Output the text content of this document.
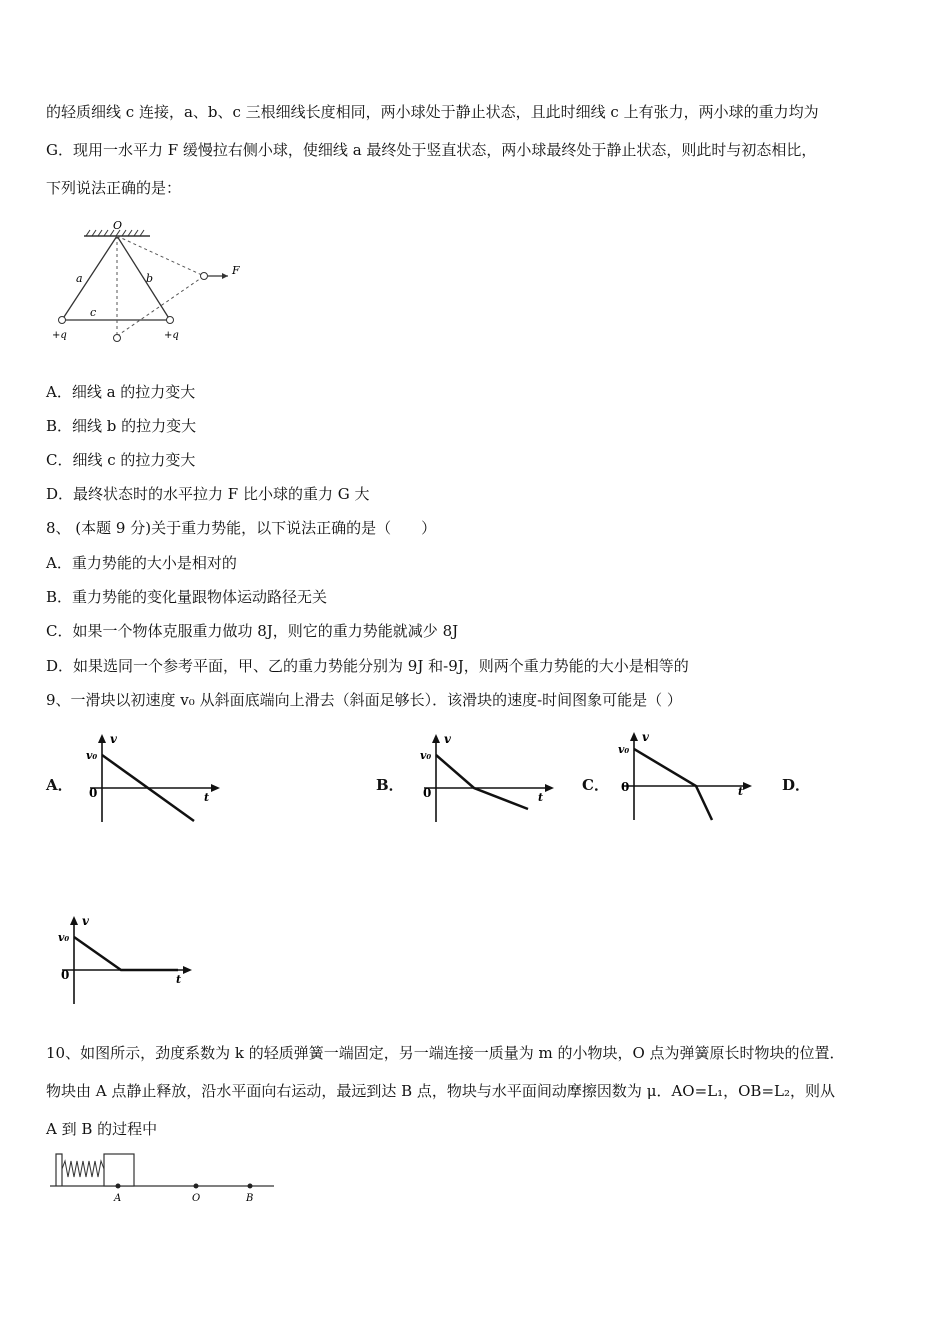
的轻质细线 c 连接，a、b、c 三根细线长度相同，两小球处于静止状态，且此时细线 c 上有张力，两小球的重力均为
G．现用一水平力 F 缓慢拉右侧小球，使细线 a 最终处于竖直状态，两小球最终处于静止状态，则此时与初态相比，
下列说法正确的是：
O
a	b
c
F
+q	+q
A．细线 a 的拉力变大
B．细线 b 的拉力变大
C．细线 c 的拉力变大
D．最终状态时的水平拉力 F 比小球的重力 G 大
8、 (本题 9 分)关于重力势能，以下说法正确的是（　　）
A．重力势能的大小是相对的
B．重力势能的变化量跟物体运动路径无关
C．如果一个物体克服重力做功 8J，则它的重力势能就减少 8J
D．如果选同一个参考平面，甲、乙的重力势能分别为 9J 和-9J，则两个重力势能的大小是相等的
9、一滑块以初速度 v₀ 从斜面底端向上滑去（斜面足够长）．该滑块的速度-时间图象可能是（ ）
A．	B．	C．	D．
v
v₀
0	t
v
v₀
0	t
v
v₀
0	t
v
v₀
0	t
10、如图所示，劲度系数为 k 的轻质弹簧一端固定，另一端连接一质量为 m 的小物块，O 点为弹簧原长时物块的位置．
物块由 A 点静止释放，沿水平面向右运动，最远到达 B 点，物块与水平面间动摩擦因数为 μ．AO=L₁，OB=L₂，则从
A 到 B 的过程中
A	O	B
